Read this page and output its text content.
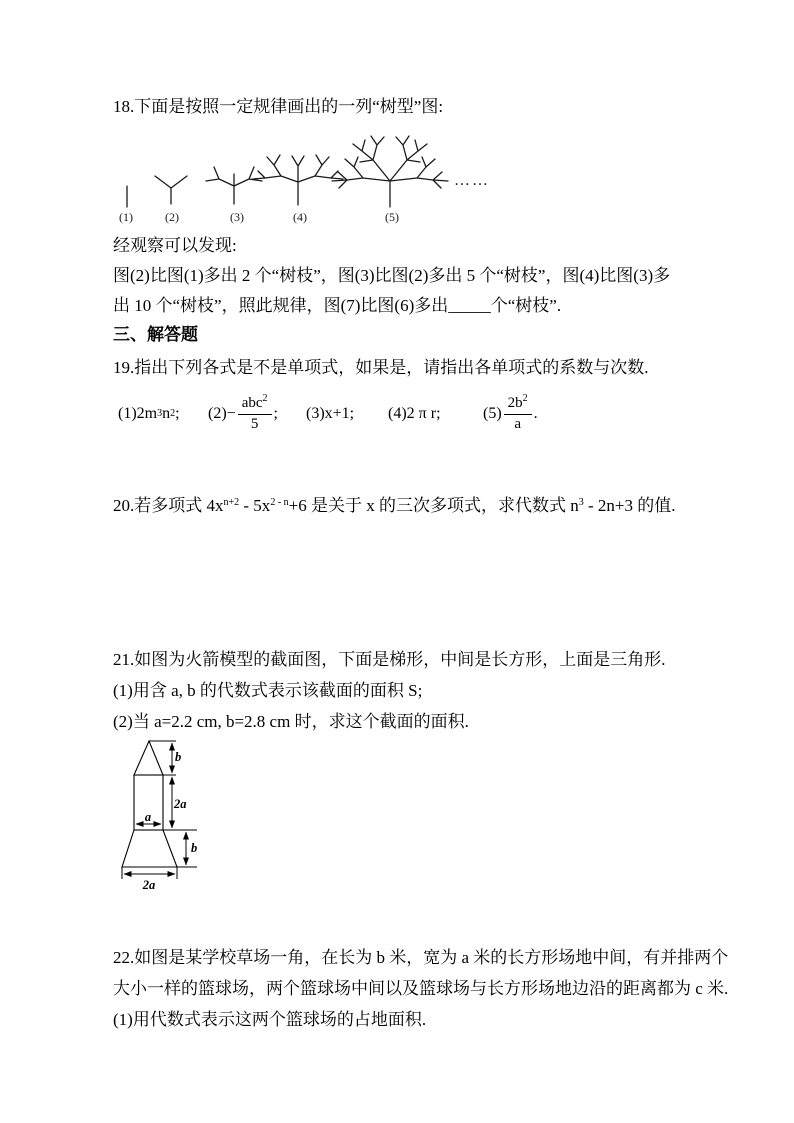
18.下面是按照一定规律画出的一列“树型”图:
(1)	(2)	(3)	(4)	(5)
……
经观察可以发现:
图(2)比图(1)多出 2 个“树枝”，图(3)比图(2)多出 5 个“树枝”，图(4)比图(3)多
出 10 个“树枝”，照此规律，图(7)比图(6)多出_____个“树枝”.
三、解答题
19.指出下列各式是不是单项式，如果是，请指出各单项式的系数与次数.
(1)2m 3 n 2 ; $(2)- \frac{abc^2}{5}$ ; (3)x+1; (4)2 π r;	$(5) \frac{2b^2}{a}$ .
20.若多项式 $4x^{n+2} - 5x^{2 - n}+6$ 是关于 x 的三次多项式，求代数式 $n^3 - 2n+3$ 的值.
21.如图为火箭模型的截面图，下面是梯形，中间是长方形，上面是三角形.
(1)用含 a, b 的代数式表示该截面的面积 S;
(2)当 a=2.2 cm, b=2.8 cm 时，求这个截面的面积.
b
2a
a
b
2a
22.如图是某学校草场一角，在长为 b 米，宽为 a 米的长方形场地中间，有并排两个
大小一样的篮球场，两个篮球场中间以及篮球场与长方形场地边沿的距离都为 c 米.
(1)用代数式表示这两个篮球场的占地面积.
